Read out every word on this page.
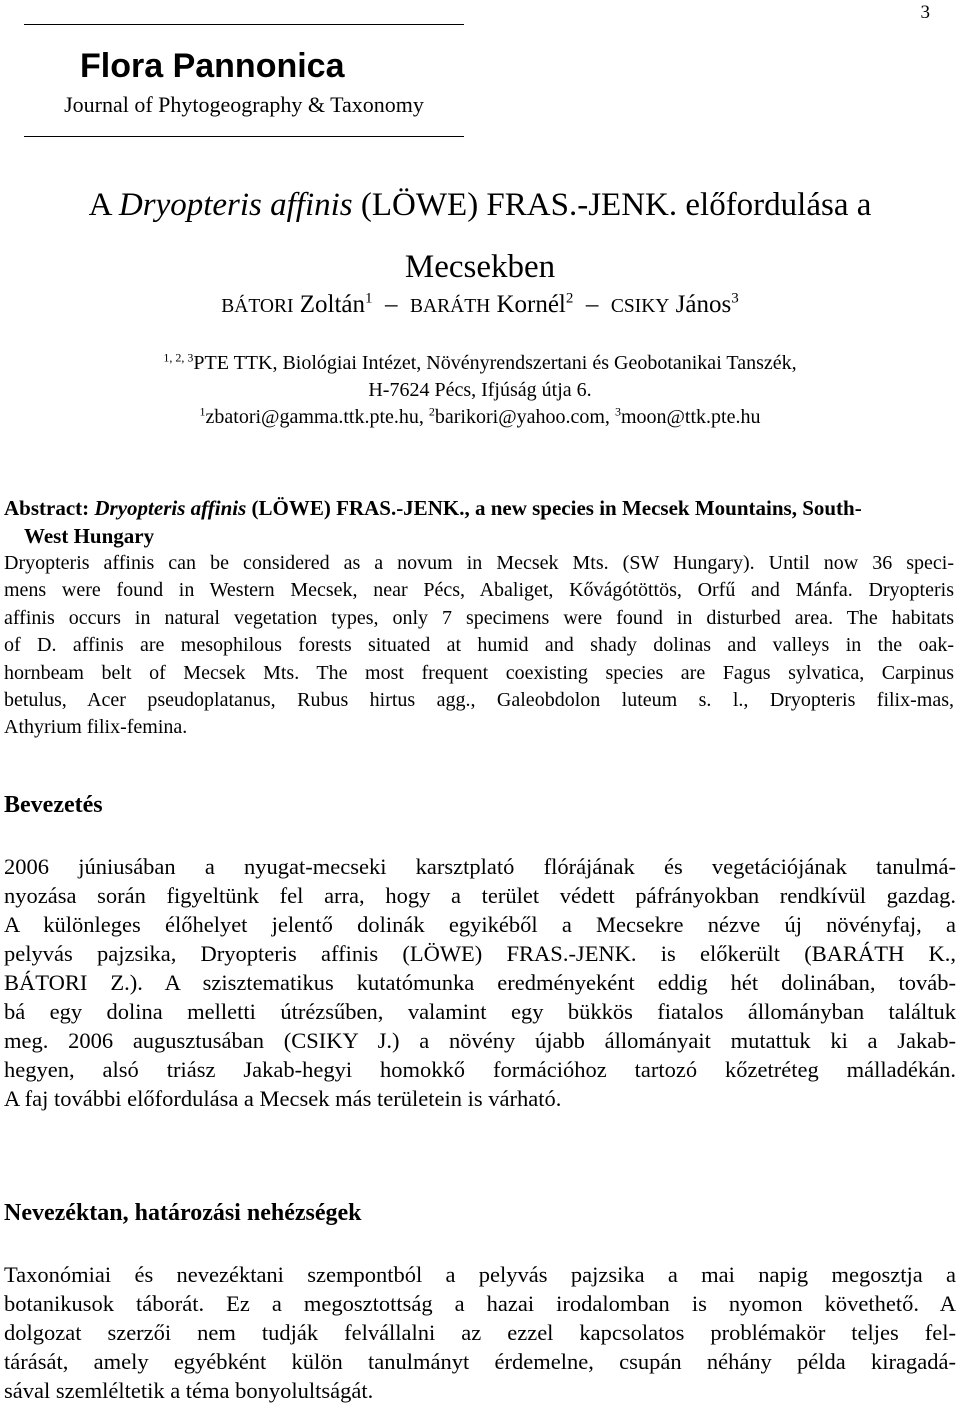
3
Flora Pannonica
Journal of Phytogeography & Taxonomy
A Dryopteris affinis (LÖWE) FRAS.-JENK. előfordulása a
Mecsekben
BÁTORI Zoltán$^1$  –  BARÁTH Kornél$^2$  –  CSIKY János$^3$
$^{1, 2, 3}$PTE TTK, Biológiai Intézet, Növényrendszertani és Geobotanikai Tanszék,
H-7624 Pécs, Ifjúság útja 6.
$^1$zbatori@gamma.ttk.pte.hu, $^2$barikori@yahoo.com, $^3$moon@ttk.pte.hu
Abstract: Dryopteris affinis (LÖWE) FRAS.-JENK., a new species in Mecsek Mountains, South-
West Hungary
Dryopteris affinis can be considered as a novum in Mecsek Mts. (SW Hungary). Until now 36 speci-
mens were found in Western Mecsek, near Pécs, Abaliget, Kővágótöttös, Orfű and Mánfa. Dryopteris
affinis occurs in natural vegetation types, only 7 specimens were found in disturbed area. The habitats
of D. affinis are mesophilous forests situated at humid and shady dolinas and valleys in the oak-
hornbeam belt of Mecsek Mts. The most frequent coexisting species are Fagus sylvatica, Carpinus
betulus, Acer pseudoplatanus, Rubus hirtus agg., Galeobdolon luteum s. l., Dryopteris filix-mas,
Athyrium filix-femina.
Bevezetés
2006 júniusában a nyugat-mecseki karsztplató flórájának és vegetációjának tanulmá-
nyozása során figyeltünk fel arra, hogy a terület védett páfrányokban rendkívül gazdag.
A különleges élőhelyet jelentő dolinák egyikéből a Mecsekre nézve új növényfaj, a
pelyvás pajzsika, Dryopteris affinis (LÖWE) FRAS.-JENK. is előkerült (BARÁTH K.,
BÁTORI Z.). A szisztematikus kutatómunka eredményeként eddig hét dolinában, továb-
bá egy dolina melletti útrézsűben, valamint egy bükkös fiatalos állományban találtuk
meg. 2006 augusztusában (CSIKY J.) a növény újabb állományait mutattuk ki a Jakab-
hegyen, alsó triász Jakab-hegyi homokkő formációhoz tartozó kőzetréteg málladékán.
A faj további előfordulása a Mecsek más területein is várható.
Nevezéktan, határozási nehézségek
Taxonómiai és nevezéktani szempontból a pelyvás pajzsika a mai napig megosztja a
botanikusok táborát. Ez a megosztottság a hazai irodalomban is nyomon követhető. A
dolgozat szerzői nem tudják felvállalni az ezzel kapcsolatos problémakör teljes fel-
tárását, amely egyébként külön tanulmányt érdemelne, csupán néhány példa kiragadá-
sával szemléltetik a téma bonyolultságát.
